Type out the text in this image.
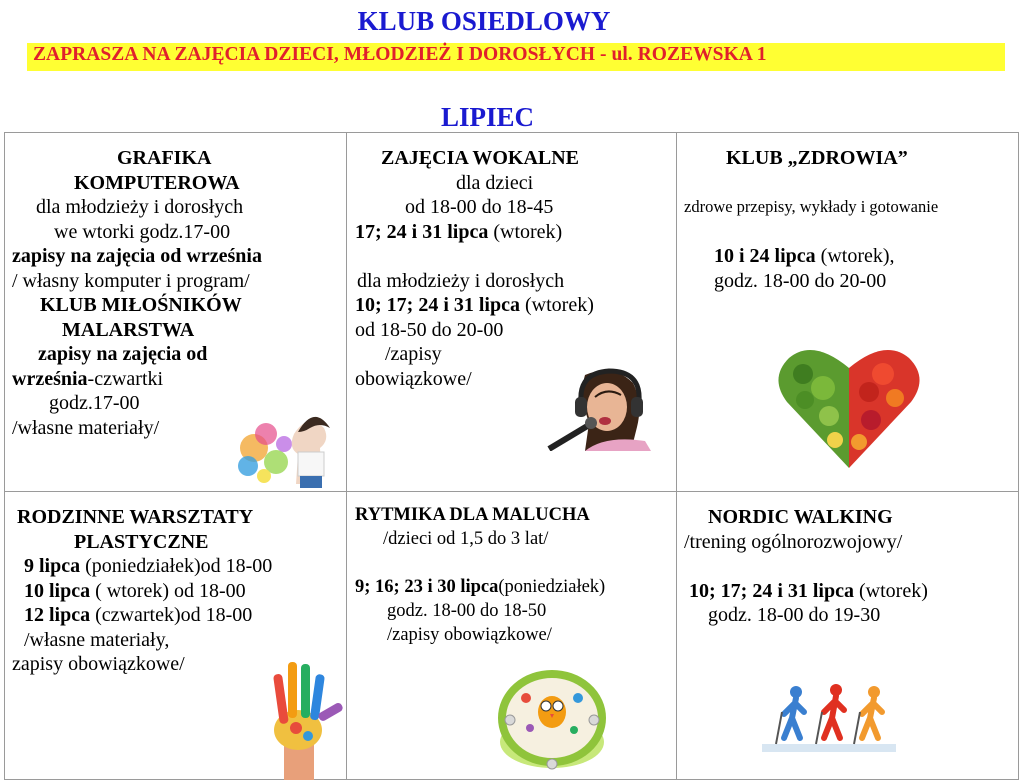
KLUB OSIEDLOWY
ZAPRASZA NA ZAJĘCIA DZIECI, MŁODZIEŻ I DOROSŁYCH - ul. ROZEWSKA 1
LIPIEC
GRAFIKA
KOMPUTEROWA
dla młodzieży i dorosłych
we wtorki godz.17-00
zapisy na zajęcia od września
/ własny komputer i program/
KLUB MIŁOŚNIKÓW
MALARSTWA
zapisy na zajęcia od
września-czwartki
godz.17-00
/własne materiały/
ZAJĘCIA WOKALNE
dla dzieci
od 18-00 do 18-45
17; 24 i 31 lipca (wtorek)
dla młodzieży i dorosłych
10; 17; 24 i 31 lipca (wtorek)
od 18-50 do 20-00
/zapisy
obowiązkowe/
KLUB „ZDROWIA”
zdrowe przepisy, wykłady i gotowanie
10 i 24 lipca (wtorek),
godz. 18-00 do 20-00
RODZINNE WARSZTATY
PLASTYCZNE
9 lipca (poniedziałek)od 18-00
10 lipca ( wtorek) od 18-00
12 lipca (czwartek)od 18-00
/własne materiały,
zapisy obowiązkowe/
RYTMIKA DLA MALUCHA
/dzieci od 1,5 do 3 lat/
9; 16; 23 i 30 lipca(poniedziałek)
godz. 18-00 do 18-50
/zapisy obowiązkowe/
NORDIC WALKING
/trening ogólnorozwojowy/
10; 17; 24 i 31 lipca (wtorek)
godz. 18-00 do 19-30
